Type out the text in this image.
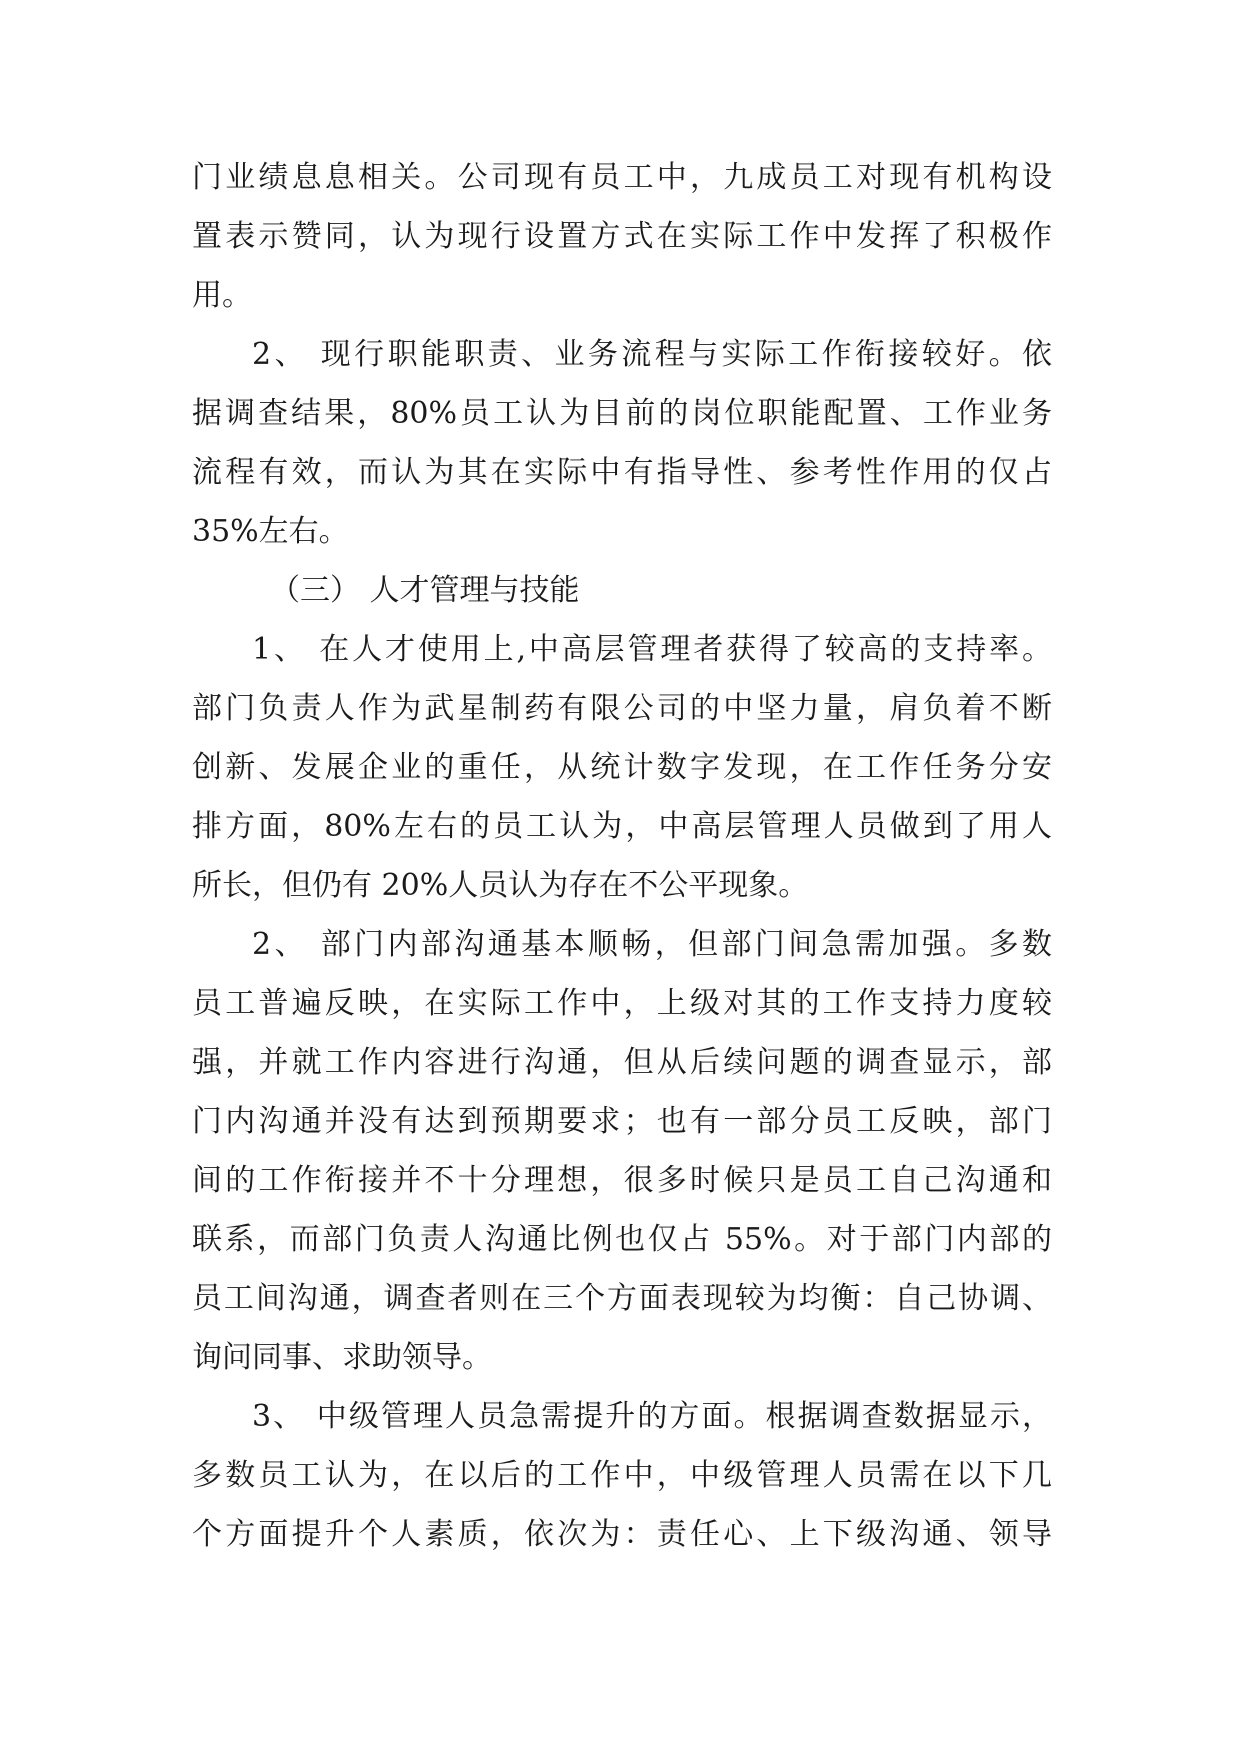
门业绩息息相关。公司现有员工中，九成员工对现有机构设
置表示赞同，认为现行设置方式在实际工作中发挥了积极作
用。
2、 现行职能职责、业务流程与实际工作衔接较好。依
据调查结果，80%员工认为目前的岗位职能配置、工作业务
流程有效，而认为其在实际中有指导性、参考性作用的仅占
35%左右。
（三） 人才管理与技能
1、 在人才使用上,中高层管理者获得了较高的支持率。
部门负责人作为武星制药有限公司的中坚力量，肩负着不断
创新、发展企业的重任，从统计数字发现，在工作任务分安
排方面，80%左右的员工认为，中高层管理人员做到了用人
所长，但仍有 20%人员认为存在不公平现象。
2、 部门内部沟通基本顺畅，但部门间急需加强。多数
员工普遍反映，在实际工作中，上级对其的工作支持力度较
强，并就工作内容进行沟通，但从后续问题的调查显示，部
门内沟通并没有达到预期要求；也有一部分员工反映，部门
间的工作衔接并不十分理想，很多时候只是员工自己沟通和
联系，而部门负责人沟通比例也仅占 55%。对于部门内部的
员工间沟通，调查者则在三个方面表现较为均衡：自己协调、
询问同事、求助领导。
3、 中级管理人员急需提升的方面。根据调查数据显示，
多数员工认为，在以后的工作中，中级管理人员需在以下几
个方面提升个人素质，依次为：责任心、上下级沟通、领导
